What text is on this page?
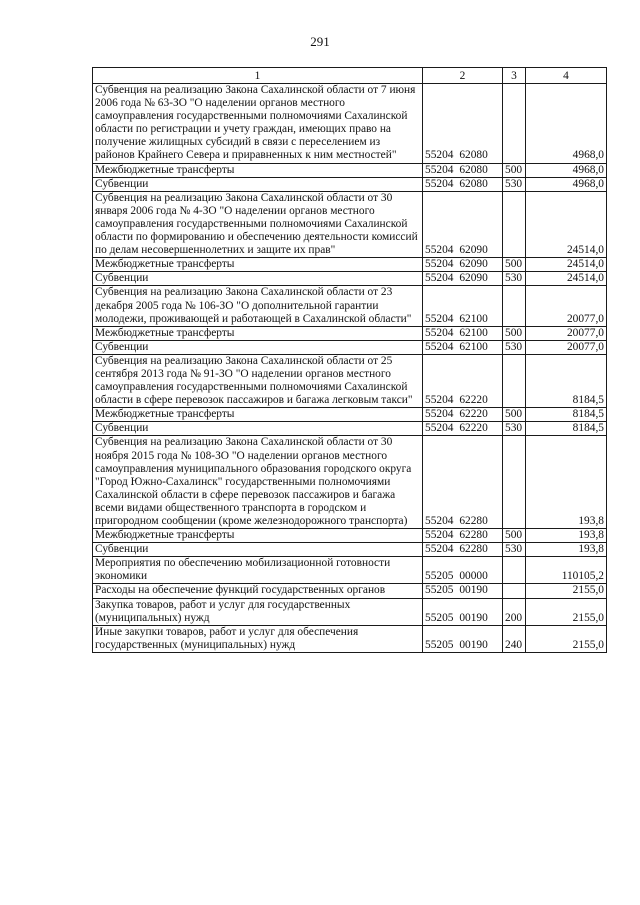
291
1	2	3	4
Субвенция на реализацию Закона Сахалинской области от 7 июня 2006 года № 63-ЗО "О наделении органов местного самоуправления государственными полномочиями Сахалинской области по регистрации и учету граждан, имеющих право на получение жилищных субсидий в связи с переселением из районов Крайнего Севера и приравненных к ним местностей"	55204 62080		4968,0
Межбюджетные трансферты	55204 62080	500	4968,0
Субвенции	55204 62080	530	4968,0
Субвенция на реализацию Закона Сахалинской области от 30 января 2006 года № 4-ЗО "О наделении органов местного самоуправления государственными полномочиями Сахалинской области по формированию и обеспечению деятельности комиссий по делам несовершеннолетних и защите их прав"	55204 62090		24514,0
Межбюджетные трансферты	55204 62090	500	24514,0
Субвенции	55204 62090	530	24514,0
Субвенция на реализацию Закона Сахалинской области от 23 декабря 2005 года № 106-ЗО "О дополнительной гарантии молодежи, проживающей и работающей в Сахалинской области"	55204 62100		20077,0
Межбюджетные трансферты	55204 62100	500	20077,0
Субвенции	55204 62100	530	20077,0
Субвенция на реализацию Закона Сахалинской области от 25 сентября 2013 года № 91-ЗО "О наделении органов местного самоуправления государственными полномочиями Сахалинской области в сфере перевозок пассажиров и багажа легковым такси"	55204 62220		8184,5
Межбюджетные трансферты	55204 62220	500	8184,5
Субвенции	55204 62220	530	8184,5
Субвенция на реализацию Закона Сахалинской области от 30 ноября 2015 года № 108-ЗО "О наделении органов местного самоуправления муниципального образования городского округа "Город Южно-Сахалинск" государственными полномочиями Сахалинской области в сфере перевозок пассажиров и багажа всеми видами общественного транспорта в городском и пригородном сообщении (кроме железнодорожного транспорта)	55204 62280		193,8
Межбюджетные трансферты	55204 62280	500	193,8
Субвенции	55204 62280	530	193,8
Мероприятия по обеспечению мобилизационной готовности экономики	55205 00000		110105,2
Расходы на обеспечение функций государственных органов	55205 00190		2155,0
Закупка товаров, работ и услуг для государственных (муниципальных) нужд	55205 00190	200	2155,0
Иные закупки товаров, работ и услуг для обеспечения государственных (муниципальных) нужд	55205 00190	240	2155,0
